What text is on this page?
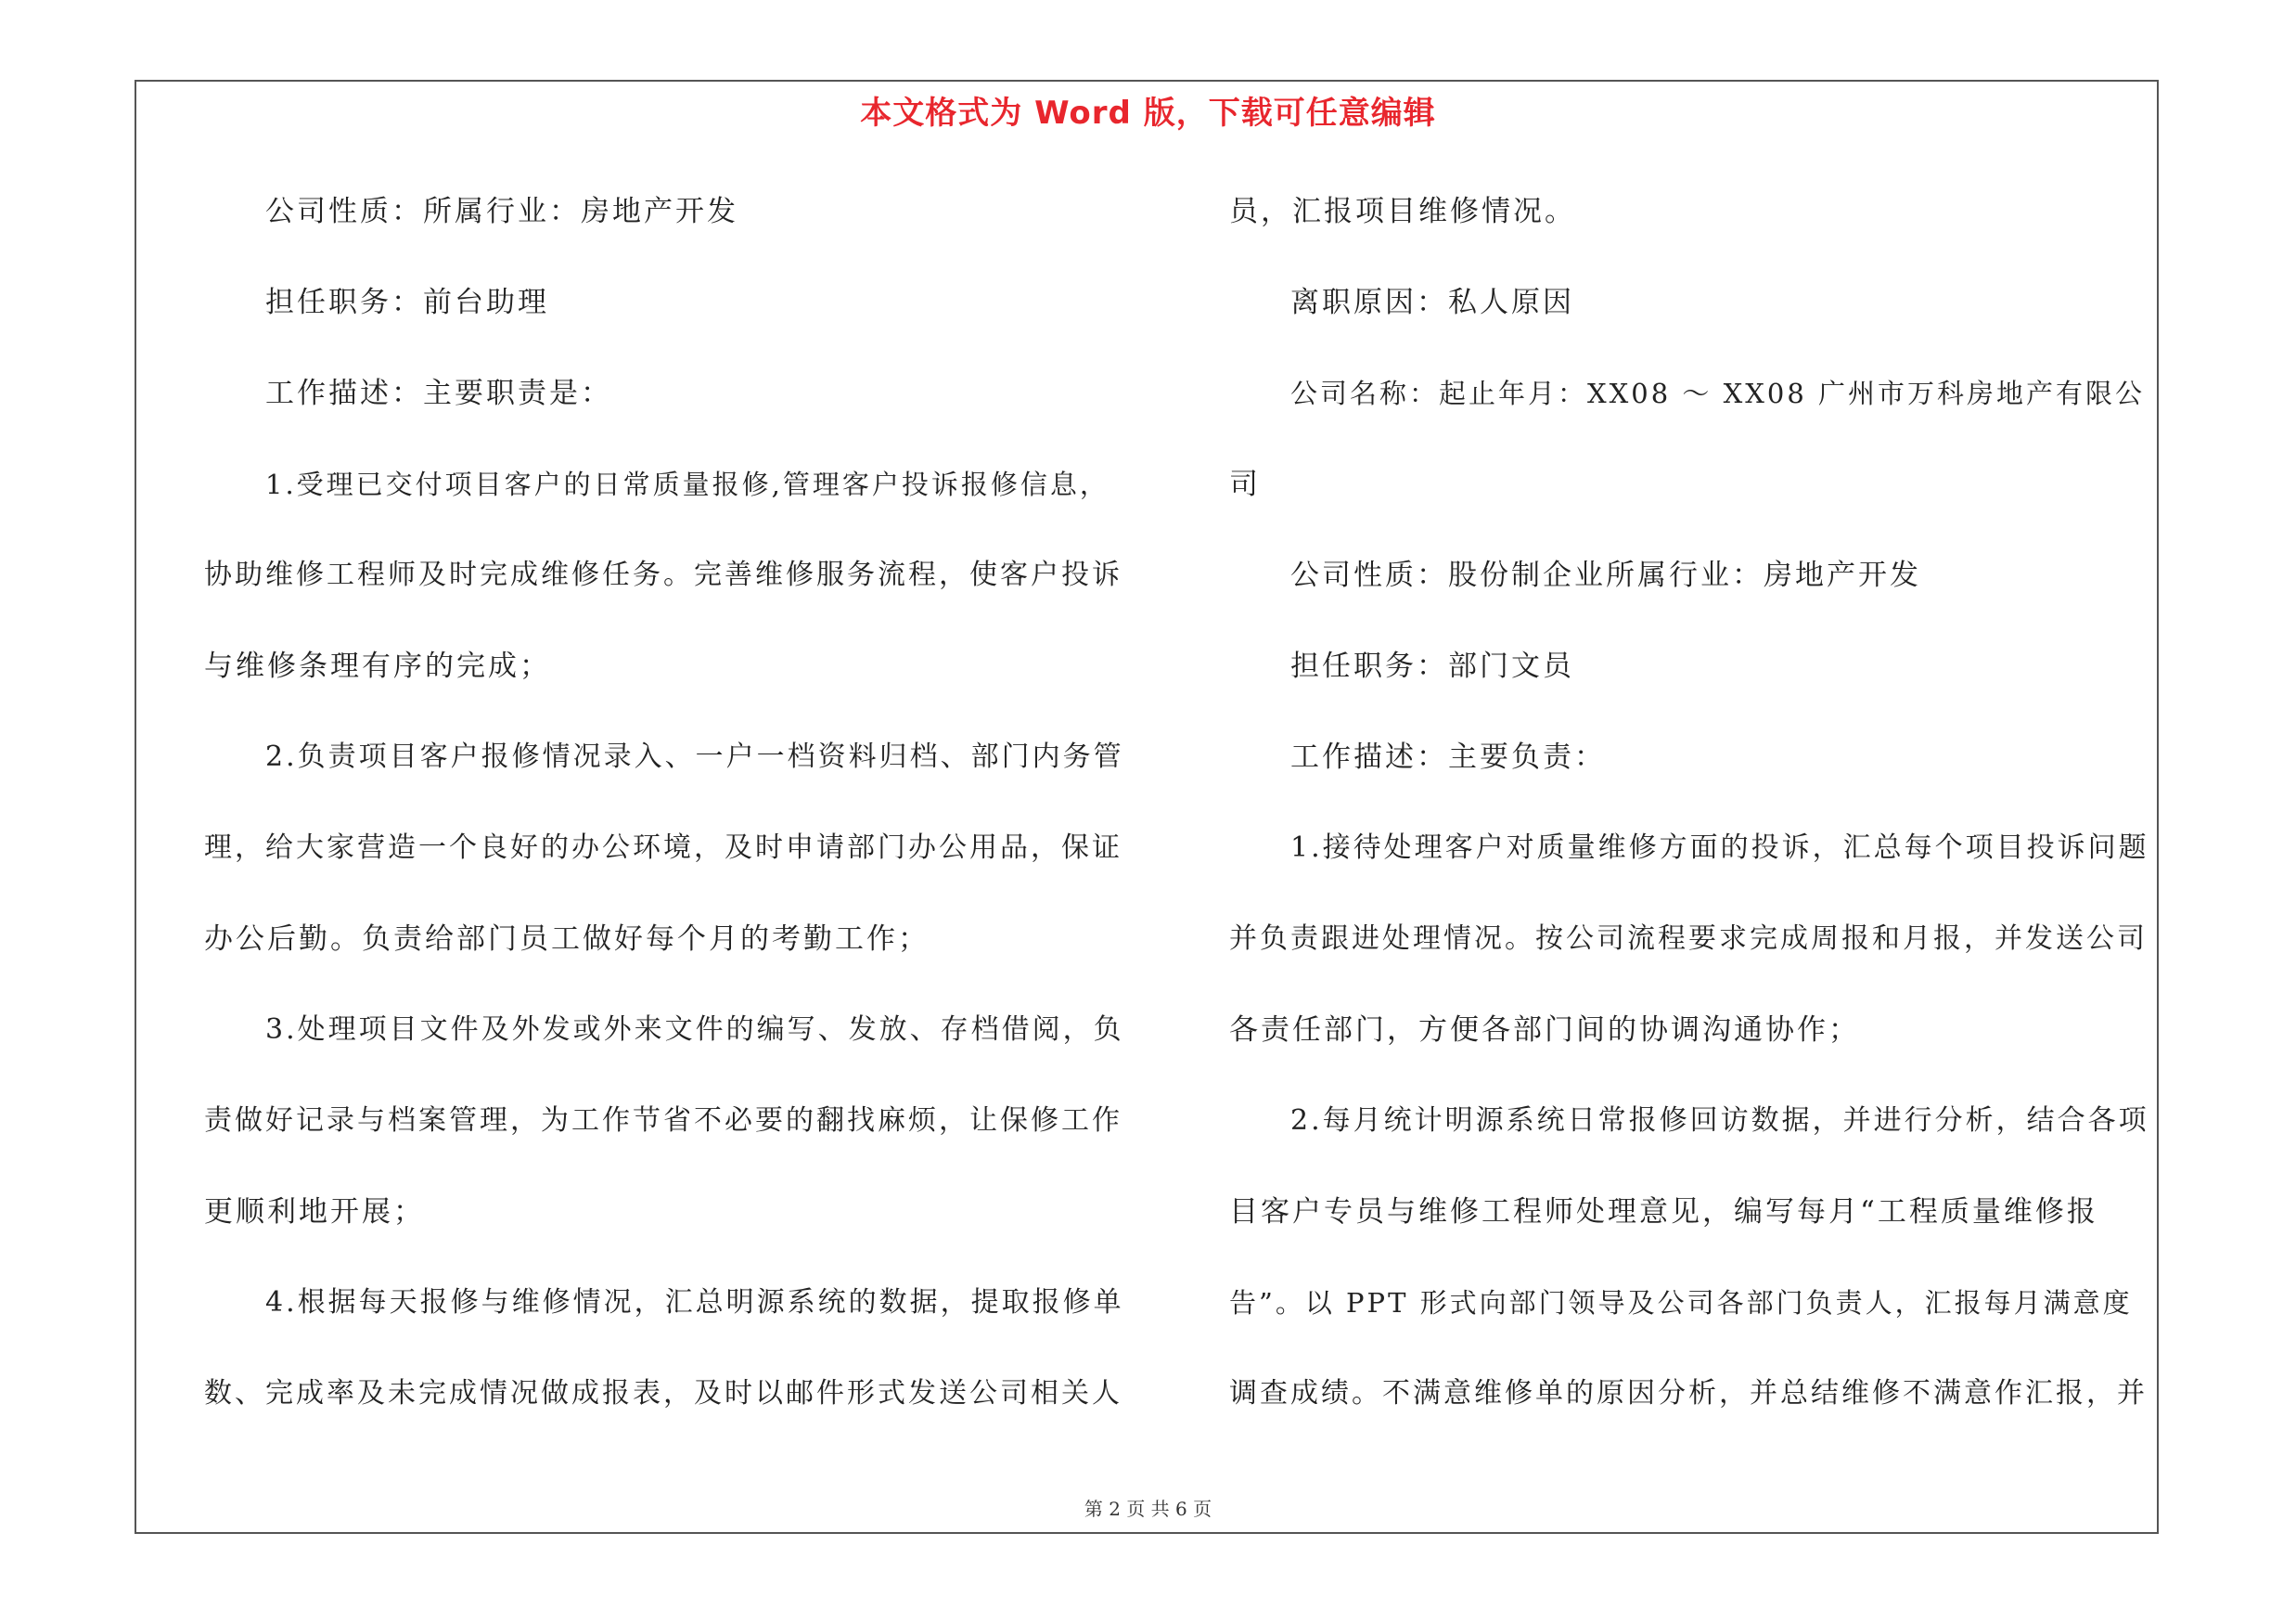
本文格式为 Word 版，下载可任意编辑
公司性质：所属行业：房地产开发
担任职务：前台助理
工作描述：主要职责是：
1.受理已交付项目客户的日常质量报修,管理客户投诉报修信息，
协助维修工程师及时完成维修任务。完善维修服务流程，使客户投诉
与维修条理有序的完成；
2.负责项目客户报修情况录入、一户一档资料归档、部门内务管
理，给大家营造一个良好的办公环境，及时申请部门办公用品，保证
办公后勤。负责给部门员工做好每个月的考勤工作；
3.处理项目文件及外发或外来文件的编写、发放、存档借阅，负
责做好记录与档案管理，为工作节省不必要的翻找麻烦，让保修工作
更顺利地开展；
4.根据每天报修与维修情况，汇总明源系统的数据，提取报修单
数、完成率及未完成情况做成报表，及时以邮件形式发送公司相关人
员，汇报项目维修情况。
离职原因：私人原因
公司名称：起止年月：XX08 ～ XX08 广州市万科房地产有限公
司
公司性质：股份制企业所属行业：房地产开发
担任职务：部门文员
工作描述：主要负责：
1.接待处理客户对质量维修方面的投诉，汇总每个项目投诉问题
并负责跟进处理情况。按公司流程要求完成周报和月报，并发送公司
各责任部门，方便各部门间的协调沟通协作；
2.每月统计明源系统日常报修回访数据，并进行分析，结合各项
目客户专员与维修工程师处理意见，编写每月“工程质量维修报
告”。以 PPT 形式向部门领导及公司各部门负责人，汇报每月满意度
调查成绩。不满意维修单的原因分析，并总结维修不满意作汇报，并
第 2 页 共 6 页
